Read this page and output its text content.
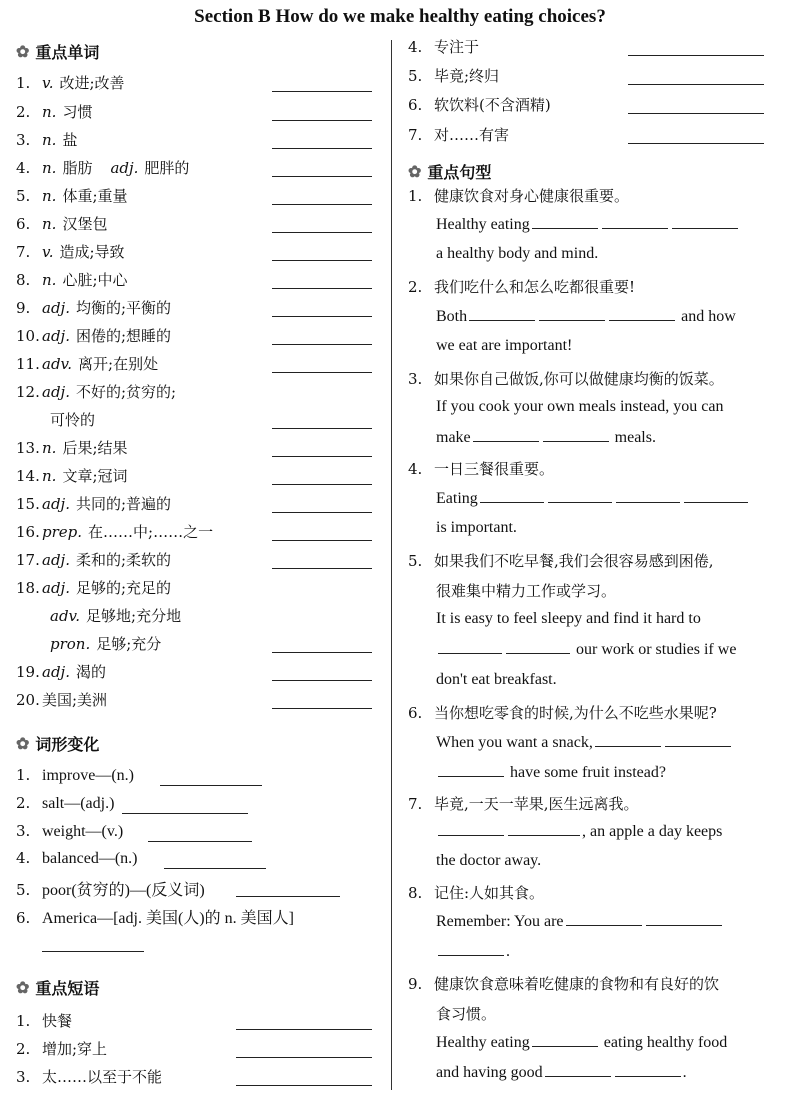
Section B How do we make healthy eating choices?
✿ 重点单词
1. v. 改进;改善
2. n. 习惯
3. n. 盐
4. n. 脂肪 adj. 肥胖的
5. n. 体重;重量
6. n. 汉堡包
7. v. 造成;导致
8. n. 心脏;中心
9. adj. 均衡的;平衡的
10. adj. 困倦的;想睡的
11. adv. 离开;在别处
12. adj. 不好的;贫穷的;
可怜的
13. n. 后果;结果
14. n. 文章;冠词
15. adj. 共同的;普遍的
16. prep. 在……中;……之一
17. adj. 柔和的;柔软的
18. adj. 足够的;充足的
adv. 足够地;充分地
pron. 足够;充分
19. adj. 渴的
20. 美国;美洲
✿ 词形变化
1. improve—(n.)
2. salt—(adj.)
3. weight—(v.)
4. balanced—(n.)
5. poor(贫穷的)—(反义词)
6. America—[adj. 美国(人)的 n. 美国人]
✿ 重点短语
1. 快餐
2. 增加;穿上
3. 太……以至于不能
4. 专注于
5. 毕竟;终归
6. 软饮料(不含酒精)
7. 对……有害
✿ 重点句型
1. 健康饮食对身心健康很重要。
Healthy eating
a healthy body and mind.
2. 我们吃什么和怎么吃都很重要!
Both	and how
we eat are important!
3. 如果你自己做饭,你可以做健康均衡的饭菜。
If you cook your own meals instead, you can
make	meals.
4. 一日三餐很重要。
Eating
is important.
5. 如果我们不吃早餐,我们会很容易感到困倦,
很难集中精力工作或学习。
It is easy to feel sleepy and find it hard to
our work or studies if we
don't eat breakfast.
6. 当你想吃零食的时候,为什么不吃些水果呢?
When you want a snack,
have some fruit instead?
7. 毕竟,一天一苹果,医生远离我。
, an apple a day keeps
the doctor away.
8. 记住:人如其食。
Remember: You are
.
9. 健康饮食意味着吃健康的食物和有良好的饮
食习惯。
Healthy eating	eating healthy food
and having good	.
